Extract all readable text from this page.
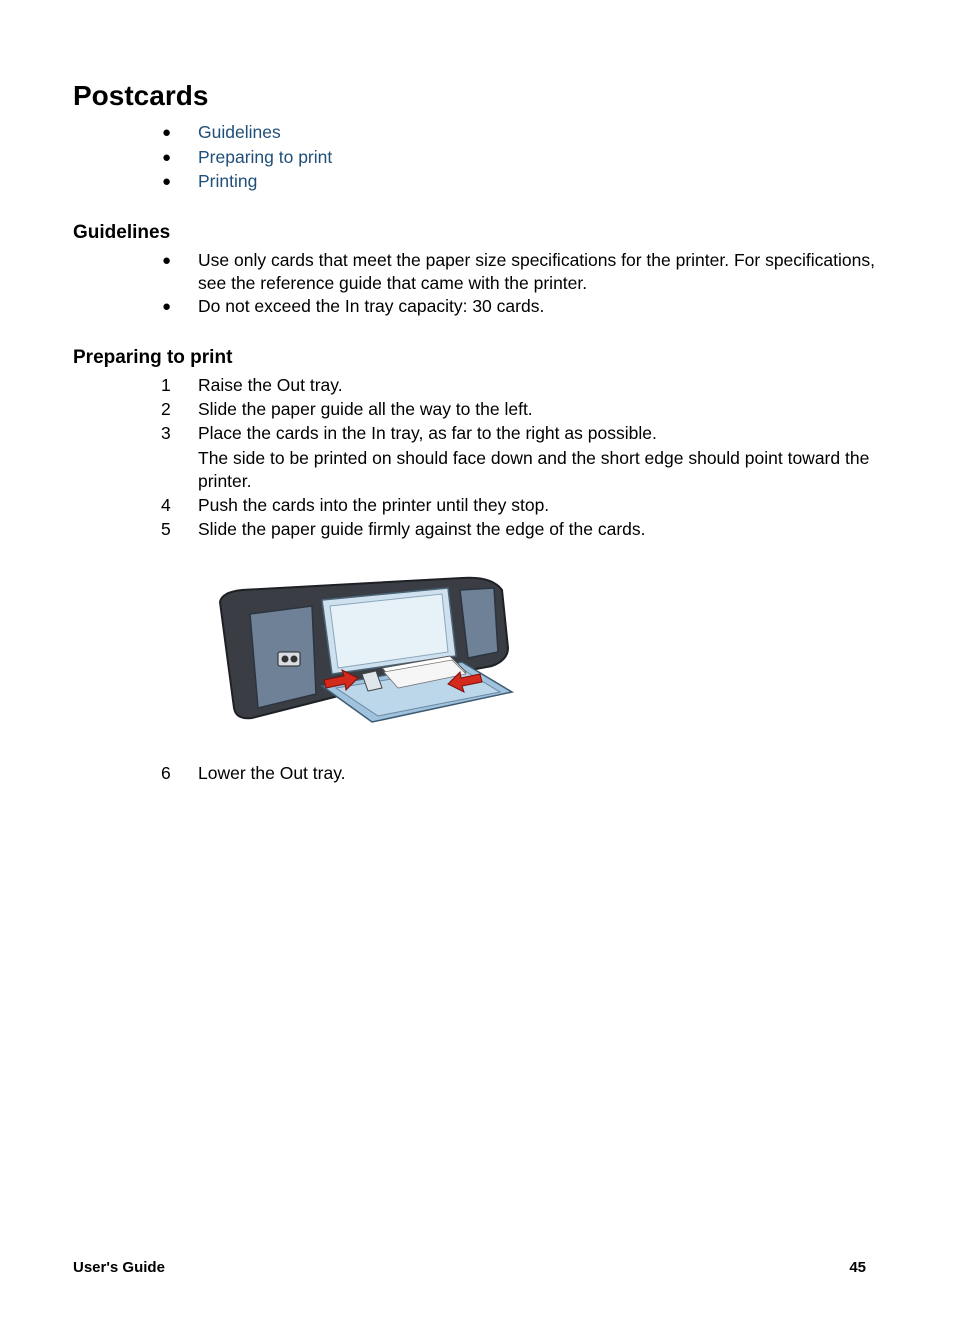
Postcards
● Guidelines
● Preparing to print
● Printing
Guidelines
● Use only cards that meet the paper size specifications for the printer. For specifications, see the reference guide that came with the printer.
● Do not exceed the In tray capacity: 30 cards.
Preparing to print
1 Raise the Out tray.
2 Slide the paper guide all the way to the left.
3 Place the cards in the In tray, as far to the right as possible.
The side to be printed on should face down and the short edge should point toward the printer.
4 Push the cards into the printer until they stop.
5 Slide the paper guide firmly against the edge of the cards.
6 Lower the Out tray.
User's Guide	45
